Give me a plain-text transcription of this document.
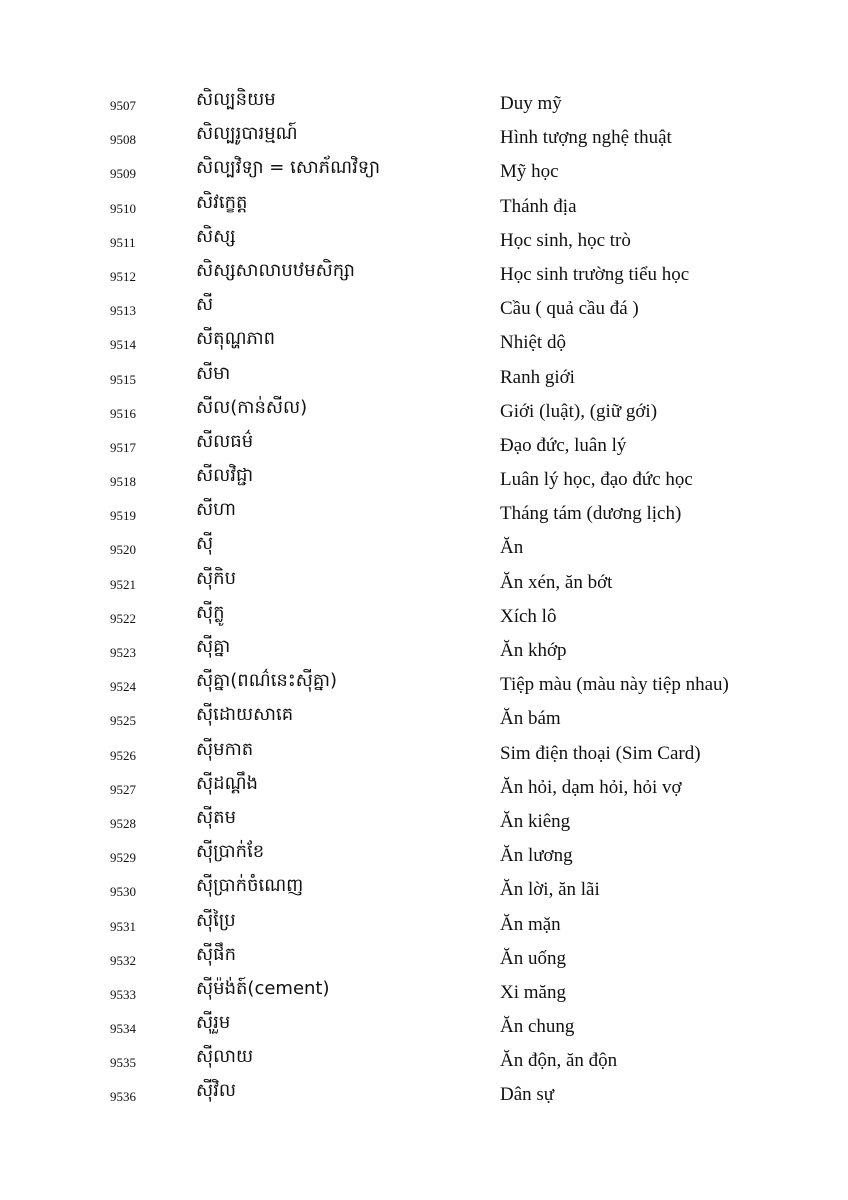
9507	សិល្បនិយម	Duy mỹ
9508	សិល្បរូបារម្មណ៍	Hình tượng nghệ thuật
9509	សិល្បវិទ្យា = សោភ័ណវិទ្យា	Mỹ học
9510	សិវក្ខេត្ត	Thánh địa
9511	សិស្ស	Học sinh, học trò
9512	សិស្សសាលាបឋមសិក្សា	Học sinh trường tiểu học
9513	សី	Cầu ( quả cầu đá )
9514	សីតុណ្ហភាព	Nhiệt dộ
9515	សីមា	Ranh giới
9516	សីល(កាន់សីល)	Giới (luật), (giữ gới)
9517	សីលធម៌	Đạo đức, luân lý
9518	សីលវិជ្ជា	Luân lý học, đạo đức học
9519	សីហា	Tháng tám (dương lịch)
9520	ស៊ី	Ăn
9521	ស៊ីកិប	Ăn xén, ăn bớt
9522	ស៊ីក្លូ	Xích lô
9523	ស៊ីគ្នា	Ăn khớp
9524	ស៊ីគ្នា(ពណ៌នេះស៊ីគ្នា)	Tiệp màu (màu này tiệp nhau)
9525	ស៊ីដោយសាគេ	Ăn bám
9526	ស៊ីមកាត	Sim điện thoại (Sim Card)
9527	ស៊ីដណ្ដឹង	Ăn hỏi, dạm hỏi, hỏi vợ
9528	ស៊ីតម	Ăn kiêng
9529	ស៊ីប្រាក់ខែ	Ăn lương
9530	ស៊ីប្រាក់ចំណេញ	Ăn lời, ăn lãi
9531	ស៊ីប្រៃ	Ăn mặn
9532	ស៊ីផឹក	Ăn uống
9533	ស៊ីម៉ង់ត៍(cement)	Xi măng
9534	ស៊ីរួម	Ăn chung
9535	ស៊ីលាយ	Ăn độn, ăn độn
9536	ស៊ីវិល	Dân sự
